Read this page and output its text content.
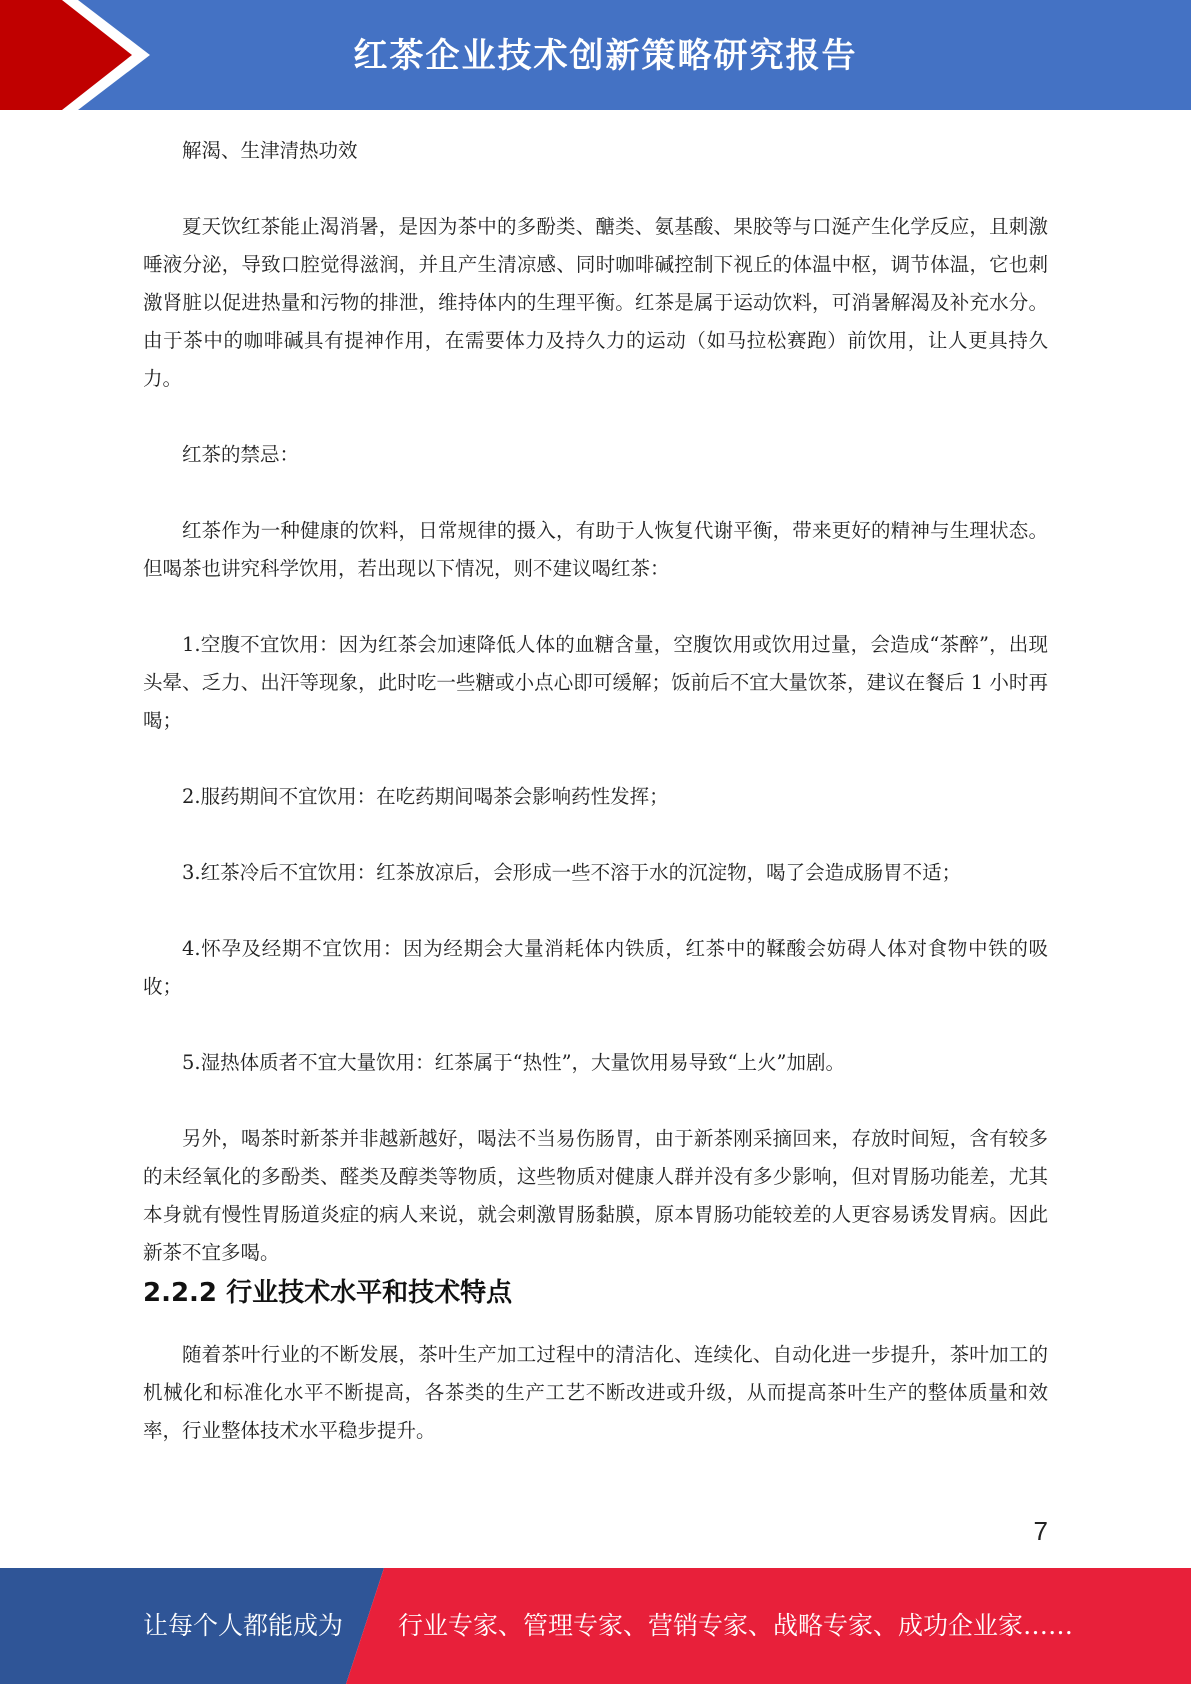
红茶企业技术创新策略研究报告

解渴、生津清热功效

夏天饮红茶能止渴消暑，是因为茶中的多酚类、醣类、氨基酸、果胶等与口涎产生化学反应，且刺激唾液分泌，导致口腔觉得滋润，并且产生清凉感、同时咖啡碱控制下视丘的体温中枢，调节体温，它也刺激肾脏以促进热量和污物的排泄，维持体内的生理平衡。红茶是属于运动饮料，可消暑解渴及补充水分。由于茶中的咖啡碱具有提神作用，在需要体力及持久力的运动（如马拉松赛跑）前饮用，让人更具持久力。

红茶的禁忌：

红茶作为一种健康的饮料，日常规律的摄入，有助于人恢复代谢平衡，带来更好的精神与生理状态。但喝茶也讲究科学饮用，若出现以下情况，则不建议喝红茶：

1.空腹不宜饮用：因为红茶会加速降低人体的血糖含量，空腹饮用或饮用过量，会造成“茶醉”，出现头晕、乏力、出汗等现象，此时吃一些糖或小点心即可缓解；饭前后不宜大量饮茶，建议在餐后 1 小时再喝；

2.服药期间不宜饮用：在吃药期间喝茶会影响药性发挥；

3.红茶冷后不宜饮用：红茶放凉后，会形成一些不溶于水的沉淀物，喝了会造成肠胃不适；

4.怀孕及经期不宜饮用：因为经期会大量消耗体内铁质，红茶中的鞣酸会妨碍人体对食物中铁的吸收；

5.湿热体质者不宜大量饮用：红茶属于“热性”，大量饮用易导致“上火”加剧。

另外，喝茶时新茶并非越新越好，喝法不当易伤肠胃，由于新茶刚采摘回来，存放时间短，含有较多的未经氧化的多酚类、醛类及醇类等物质，这些物质对健康人群并没有多少影响，但对胃肠功能差，尤其本身就有慢性胃肠道炎症的病人来说，就会刺激胃肠黏膜，原本胃肠功能较差的人更容易诱发胃病。因此新茶不宜多喝。

2.2.2 行业技术水平和技术特点

随着茶叶行业的不断发展，茶叶生产加工过程中的清洁化、连续化、自动化进一步提升，茶叶加工的机械化和标准化水平不断提高，各茶类的生产工艺不断改进或升级，从而提高茶叶生产的整体质量和效率，行业整体技术水平稳步提升。

7
让每个人都能成为 行业专家、管理专家、营销专家、战略专家、成功企业家……
